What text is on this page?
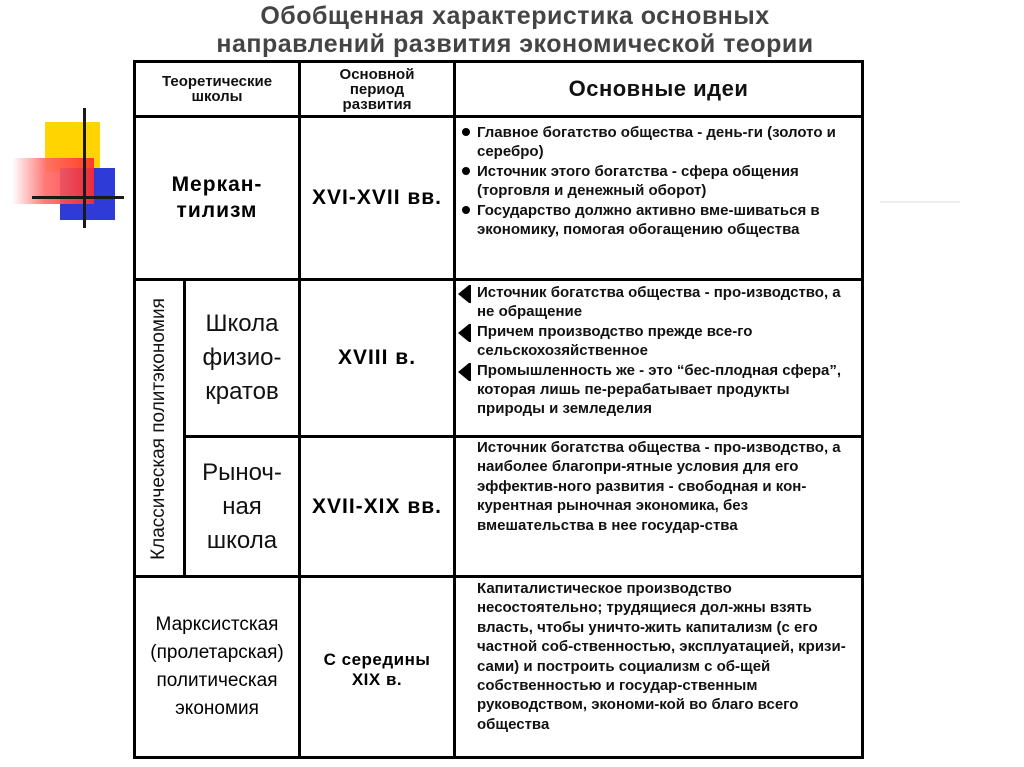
Обобщенная характеристика основных
направлений развития экономической теории
Теоретические школы
Основной период развития
Основные идеи
Меркан-тилизм
XVI-XVII вв.

Главное богатство общества - день-ги (золото и серебро)

Источник этого богатства - сфера общения (торговля и денежный оборот)

Государство должно активно вме-шиваться в экономику, помогая обогащению общества

Классическая политэкономия	Школа физио-кратов
XVIII в.

Источник богатства общества - про-изводство, а не обращение

Причем производство прежде все-го сельскохозяйственное

Промышленность же - это “бес-плодная сфера”, которая лишь пе-рерабатывает продукты природы и земледелия

Рыноч-ная школа
XVII-XIX вв.

Источник богатства общества - про-изводство, а наиболее благопри-ятные условия для его эффектив-ного развития - свободная и кон-курентная рыночная экономика, без вмешательства в нее государ-ства

Марксистская (пролетарская) политическая экономия
С середины XIX в.

Капиталистическое производство несостоятельно; трудящиеся дол-жны взять власть, чтобы уничто-жить капитализм (с его частной соб-ственностью, эксплуатацией, кризи-сами) и построить социализм с об-щей собственностью и государ-ственным руководством, экономи-кой во благо всего общества
